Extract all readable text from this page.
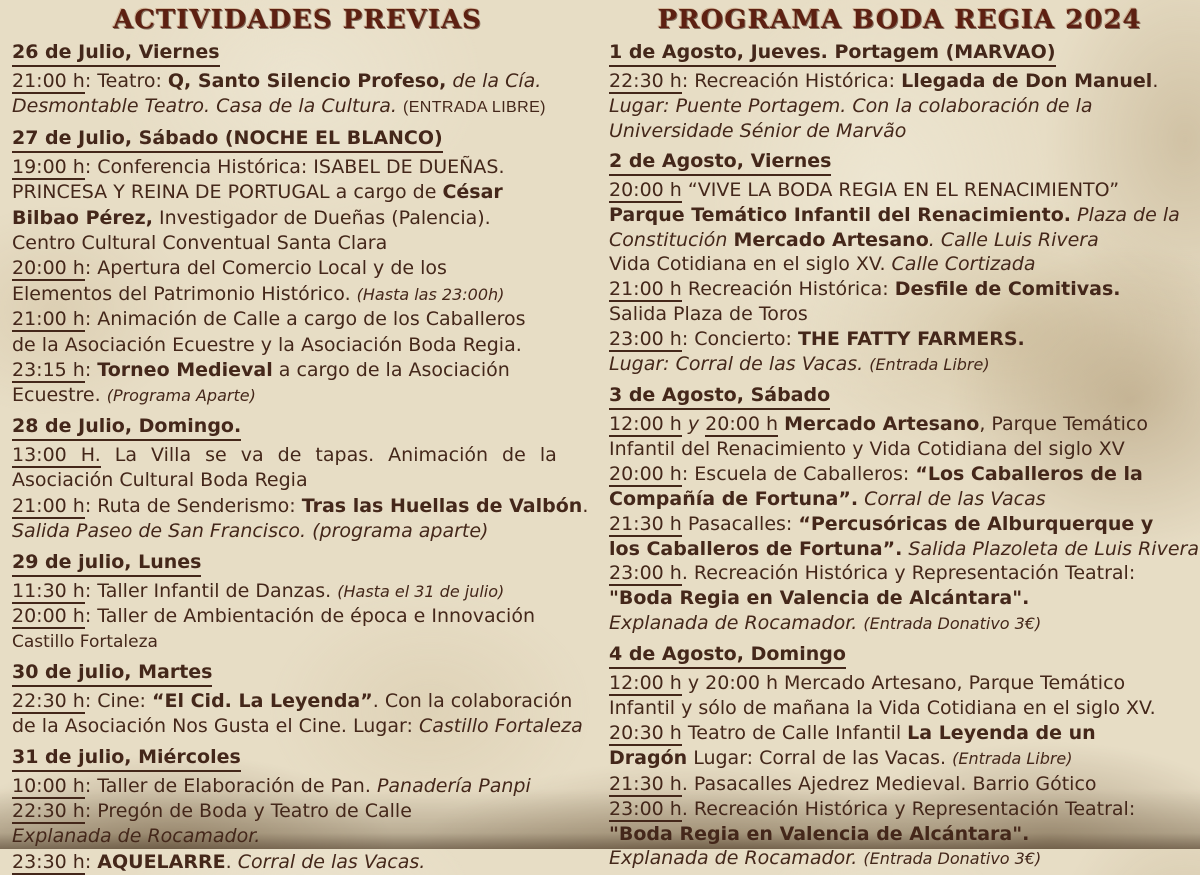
ACTIVIDADES PREVIAS
26 de Julio, Viernes
21:00 h: Teatro: Q, Santo Silencio Profeso, de la Cía.
Desmontable Teatro. Casa de la Cultura. (ENTRADA LIBRE)
27 de Julio, Sábado (NOCHE EL BLANCO)
19:00 h: Conferencia Histórica: ISABEL DE DUEÑAS.
PRINCESA Y REINA DE PORTUGAL a cargo de César
Bilbao Pérez, Investigador de Dueñas (Palencia).
Centro Cultural Conventual Santa Clara
20:00 h: Apertura del Comercio Local y de los
Elementos del Patrimonio Histórico. (Hasta las 23:00h)
21:00 h: Animación de Calle a cargo de los Caballeros
de la Asociación Ecuestre y la Asociación Boda Regia.
23:15 h: Torneo Medieval a cargo de la Asociación
Ecuestre. (Programa Aparte)
28 de Julio, Domingo.
13:00 H. La Villa se va de tapas. Animación de la
Asociación Cultural Boda Regia
21:00 h: Ruta de Senderismo: Tras las Huellas de Valbón.
Salida Paseo de San Francisco. (programa aparte)
29 de julio, Lunes
11:30 h: Taller Infantil de Danzas. (Hasta el 31 de julio)
20:00 h: Taller de Ambientación de época e Innovación
Castillo Fortaleza
30 de julio, Martes
22:30 h: Cine: “El Cid. La Leyenda”. Con la colaboración
de la Asociación Nos Gusta el Cine. Lugar: Castillo Fortaleza
31 de julio, Miércoles
10:00 h: Taller de Elaboración de Pan. Panadería Panpi
22:30 h: Pregón de Boda y Teatro de Calle
Explanada de Rocamador.
23:30 h: AQUELARRE. Corral de las Vacas.
PROGRAMA BODA REGIA 2024
1 de Agosto, Jueves. Portagem (MARVAO)
22:30 h: Recreación Histórica: Llegada de Don Manuel.
Lugar: Puente Portagem. Con la colaboración de la
Universidade Sénior de Marvão
2 de Agosto, Viernes
20:00 h “VIVE LA BODA REGIA EN EL RENACIMIENTO”
Parque Temático Infantil del Renacimiento. Plaza de la
Constitución Mercado Artesano. Calle Luis Rivera
Vida Cotidiana en el siglo XV. Calle Cortizada
21:00 h Recreación Histórica: Desfile de Comitivas.
Salida Plaza de Toros
23:00 h: Concierto: THE FATTY FARMERS.
Lugar: Corral de las Vacas. (Entrada Libre)
3 de Agosto, Sábado
12:00 h y 20:00 h Mercado Artesano, Parque Temático
Infantil del Renacimiento y Vida Cotidiana del siglo XV
20:00 h: Escuela de Caballeros: “Los Caballeros de la
Compañía de Fortuna”. Corral de las Vacas
21:30 h Pasacalles: “Percusóricas de Alburquerque y
los Caballeros de Fortuna”. Salida Plazoleta de Luis Rivera
23:00 h. Recreación Histórica y Representación Teatral:
"Boda Regia en Valencia de Alcántara".
Explanada de Rocamador. (Entrada Donativo 3€)
4 de Agosto, Domingo
12:00 h y 20:00 h Mercado Artesano, Parque Temático
Infantil y sólo de mañana la Vida Cotidiana en el siglo XV.
20:30 h Teatro de Calle Infantil La Leyenda de un
Dragón Lugar: Corral de las Vacas. (Entrada Libre)
21:30 h. Pasacalles Ajedrez Medieval. Barrio Gótico
23:00 h. Recreación Histórica y Representación Teatral:
"Boda Regia en Valencia de Alcántara".
Explanada de Rocamador. (Entrada Donativo 3€)
